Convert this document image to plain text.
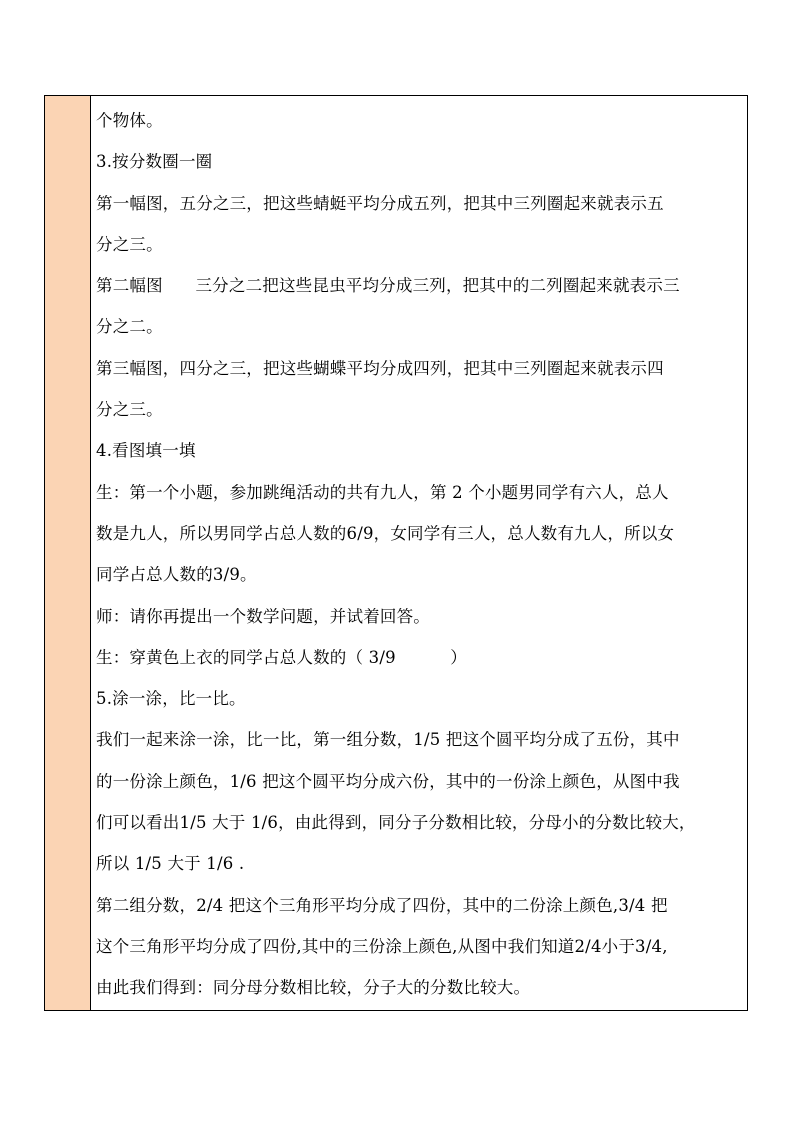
个物体。
3.按分数圈一圈
第一幅图，五分之三，把这些蜻蜓平均分成五列，把其中三列圈起来就表示五
分之三。
第二幅图      三分之二把这些昆虫平均分成三列，把其中的二列圈起来就表示三
分之二。
第三幅图，四分之三，把这些蝴蝶平均分成四列，把其中三列圈起来就表示四
分之三。
4.看图填一填
生：第一个小题，参加跳绳活动的共有九人，第 2 个小题男同学有六人，总人
数是九人，所以男同学占总人数的6/9，女同学有三人，总人数有九人，所以女
同学占总人数的3/9。
师：请你再提出一个数学问题，并试着回答。
生：穿黄色上衣的同学占总人数的（ 3/9          ）
5.涂一涂，比一比。
我们一起来涂一涂，比一比，第一组分数，1/5 把这个圆平均分成了五份，其中
的一份涂上颜色，1/6 把这个圆平均分成六份，其中的一份涂上颜色，从图中我
们可以看出1/5 大于 1/6，由此得到，同分子分数相比较，分母小的分数比较大，
所以 1/5 大于 1/6 .
第二组分数，2/4 把这个三角形平均分成了四份，其中的二份涂上颜色,3/4 把
这个三角形平均分成了四份,其中的三份涂上颜色,从图中我们知道2/4小于3/4,
由此我们得到：同分母分数相比较，分子大的分数比较大。
